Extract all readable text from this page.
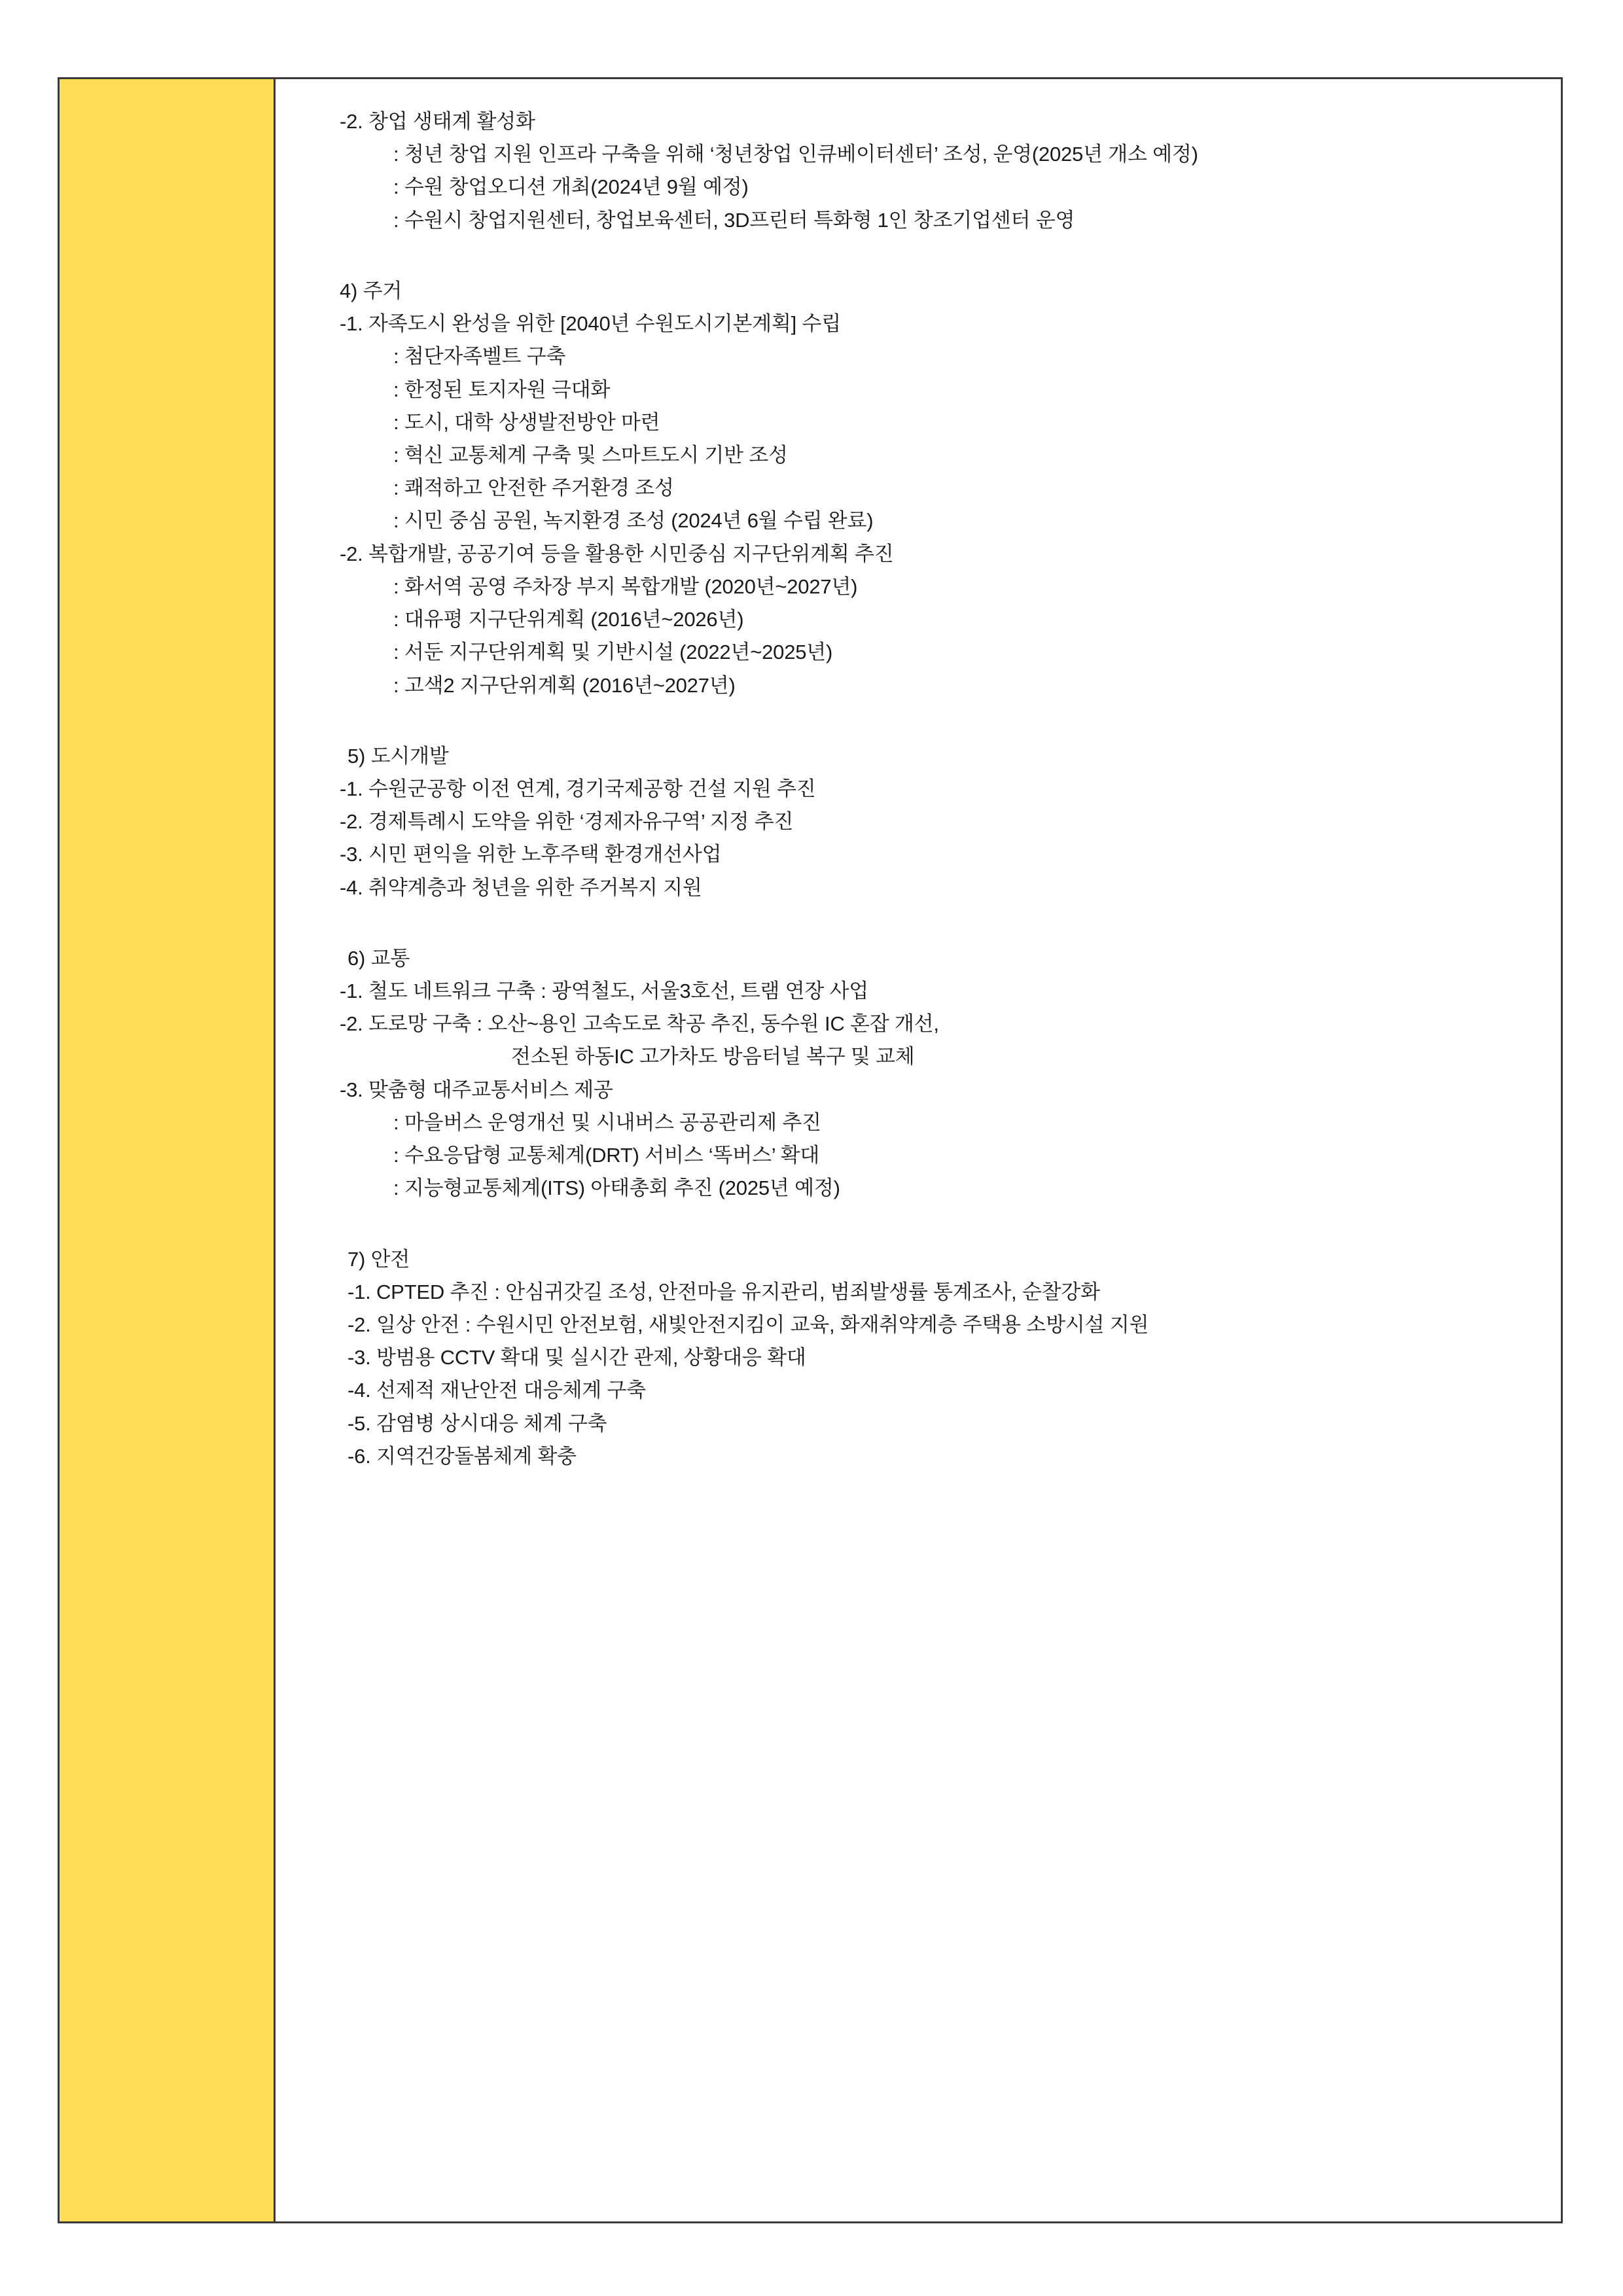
-2. 창업 생태계 활성화
: 청년 창업 지원 인프라 구축을 위해 ‘청년창업 인큐베이터센터’ 조성, 운영(2025년 개소 예정)
: 수원 창업오디션 개최(2024년 9월 예정)
: 수원시 창업지원센터, 창업보육센터, 3D프린터 특화형 1인 창조기업센터 운영
4) 주거
-1. 자족도시 완성을 위한 [2040년 수원도시기본계획] 수립
: 첨단자족벨트 구축
: 한정된 토지자원 극대화
: 도시, 대학 상생발전방안 마련
: 혁신 교통체계 구축 및 스마트도시 기반 조성
: 쾌적하고 안전한 주거환경 조성
: 시민 중심 공원, 녹지환경 조성 (2024년 6월 수립 완료)
-2. 복합개발, 공공기여 등을 활용한 시민중심 지구단위계획 추진
: 화서역 공영 주차장 부지 복합개발 (2020년~2027년)
: 대유평 지구단위계획 (2016년~2026년)
: 서둔 지구단위계획 및 기반시설 (2022년~2025년)
: 고색2 지구단위계획 (2016년~2027년)
5) 도시개발
-1. 수원군공항 이전 연계, 경기국제공항 건설 지원 추진
-2. 경제특례시 도약을 위한 ‘경제자유구역’ 지정 추진
-3. 시민 편익을 위한 노후주택 환경개선사업
-4. 취약계층과 청년을 위한 주거복지 지원
6) 교통
-1. 철도 네트워크 구축 : 광역철도, 서울3호선, 트램 연장 사업
-2. 도로망 구축 : 오산~용인 고속도로 착공 추진, 동수원 IC 혼잡 개선,
전소된 하동IC 고가차도 방음터널 복구 및 교체
-3. 맞춤형 대주교통서비스 제공
: 마을버스 운영개선 및 시내버스 공공관리제 추진
: 수요응답형 교통체계(DRT) 서비스 ‘똑버스’ 확대
: 지능형교통체계(ITS) 아태총회 추진 (2025년 예정)
7) 안전
-1. CPTED 추진 : 안심귀갓길 조성, 안전마을 유지관리, 범죄발생률 통계조사, 순찰강화
-2. 일상 안전 : 수원시민 안전보험, 새빛안전지킴이 교육, 화재취약계층 주택용 소방시설 지원
-3. 방범용 CCTV 확대 및 실시간 관제, 상황대응 확대
-4. 선제적 재난안전 대응체계 구축
-5. 감염병 상시대응 체계 구축
-6. 지역건강돌봄체계 확충
